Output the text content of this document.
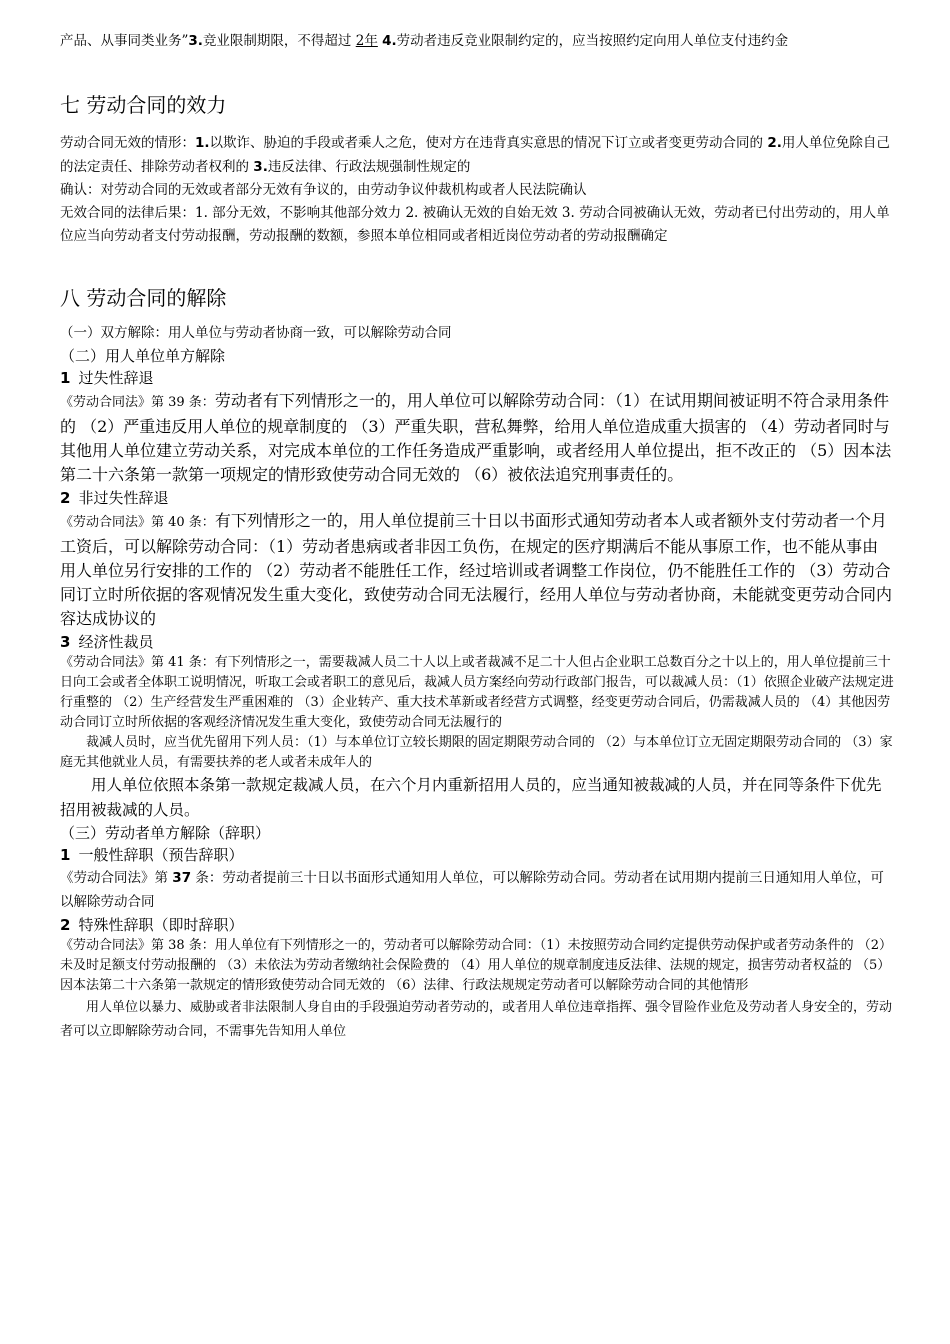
产品、从事同类业务”3.竞业限制期限，不得超过 2年 4.劳动者违反竞业限制约定的，应当按照约定向用人单位支付违约金

七 劳动合同的效力

劳动合同无效的情形：1.以欺诈、胁迫的手段或者乘人之危，使对方在违背真实意思的情况下订立或者变更劳动合同的 2.用人单位免除自己的法定责任、排除劳动者权利的 3.违反法律、行政法规强制性规定的

确认：对劳动合同的无效或者部分无效有争议的，由劳动争议仲裁机构或者人民法院确认

无效合同的法律后果：1. 部分无效，不影响其他部分效力 2. 被确认无效的自始无效 3. 劳动合同被确认无效，劳动者已付出劳动的，用人单位应当向劳动者支付劳动报酬，劳动报酬的数额，参照本单位相同或者相近岗位劳动者的劳动报酬确定

八 劳动合同的解除

（一）双方解除：用人单位与劳动者协商一致，可以解除劳动合同

（二）用人单位单方解除

1 过失性辞退

《劳动合同法》第 39 条：劳动者有下列情形之一的，用人单位可以解除劳动合同：（1）在试用期间被证明不符合录用条件的 （2）严重违反用人单位的规章制度的 （3）严重失职，营私舞弊，给用人单位造成重大损害的 （4）劳动者同时与其他用人单位建立劳动关系，对完成本单位的工作任务造成严重影响，或者经用人单位提出，拒不改正的 （5）因本法第二十六条第一款第一项规定的情形致使劳动合同无效的 （6）被依法追究刑事责任的。

2 非过失性辞退

《劳动合同法》第 40 条：有下列情形之一的，用人单位提前三十日以书面形式通知劳动者本人或者额外支付劳动者一个月工资后，可以解除劳动合同：（1）劳动者患病或者非因工负伤，在规定的医疗期满后不能从事原工作，也不能从事由用人单位另行安排的工作的 （2）劳动者不能胜任工作，经过培训或者调整工作岗位，仍不能胜任工作的 （3）劳动合同订立时所依据的客观情况发生重大变化，致使劳动合同无法履行，经用人单位与劳动者协商，未能就变更劳动合同内容达成协议的

3 经济性裁员

《劳动合同法》第 41 条：有下列情形之一，需要裁减人员二十人以上或者裁减不足二十人但占企业职工总数百分之十以上的，用人单位提前三十日向工会或者全体职工说明情况，听取工会或者职工的意见后，裁减人员方案经向劳动行政部门报告，可以裁减人员：（1）依照企业破产法规定进行重整的 （2）生产经营发生严重困难的 （3）企业转产、重大技术革新或者经营方式调整，经变更劳动合同后，仍需裁减人员的 （4）其他因劳动合同订立时所依据的客观经济情况发生重大变化，致使劳动合同无法履行的

裁减人员时，应当优先留用下列人员：（1）与本单位订立较长期限的固定期限劳动合同的 （2）与本单位订立无固定期限劳动合同的 （3）家庭无其他就业人员，有需要扶养的老人或者未成年人的

用人单位依照本条第一款规定裁减人员，在六个月内重新招用人员的，应当通知被裁减的人员，并在同等条件下优先招用被裁减的人员。

（三）劳动者单方解除（辞职）

1 一般性辞职（预告辞职）

《劳动合同法》第 37 条：劳动者提前三十日以书面形式通知用人单位，可以解除劳动合同。劳动者在试用期内提前三日通知用人单位，可以解除劳动合同

2 特殊性辞职（即时辞职）

《劳动合同法》第 38 条：用人单位有下列情形之一的，劳动者可以解除劳动合同：（1）未按照劳动合同约定提供劳动保护或者劳动条件的 （2）未及时足额支付劳动报酬的 （3）未依法为劳动者缴纳社会保险费的 （4）用人单位的规章制度违反法律、法规的规定，损害劳动者权益的 （5）因本法第二十六条第一款规定的情形致使劳动合同无效的 （6）法律、行政法规规定劳动者可以解除劳动合同的其他情形

用人单位以暴力、威胁或者非法限制人身自由的手段强迫劳动者劳动的，或者用人单位违章指挥、强令冒险作业危及劳动者人身安全的，劳动者可以立即解除劳动合同，不需事先告知用人单位
